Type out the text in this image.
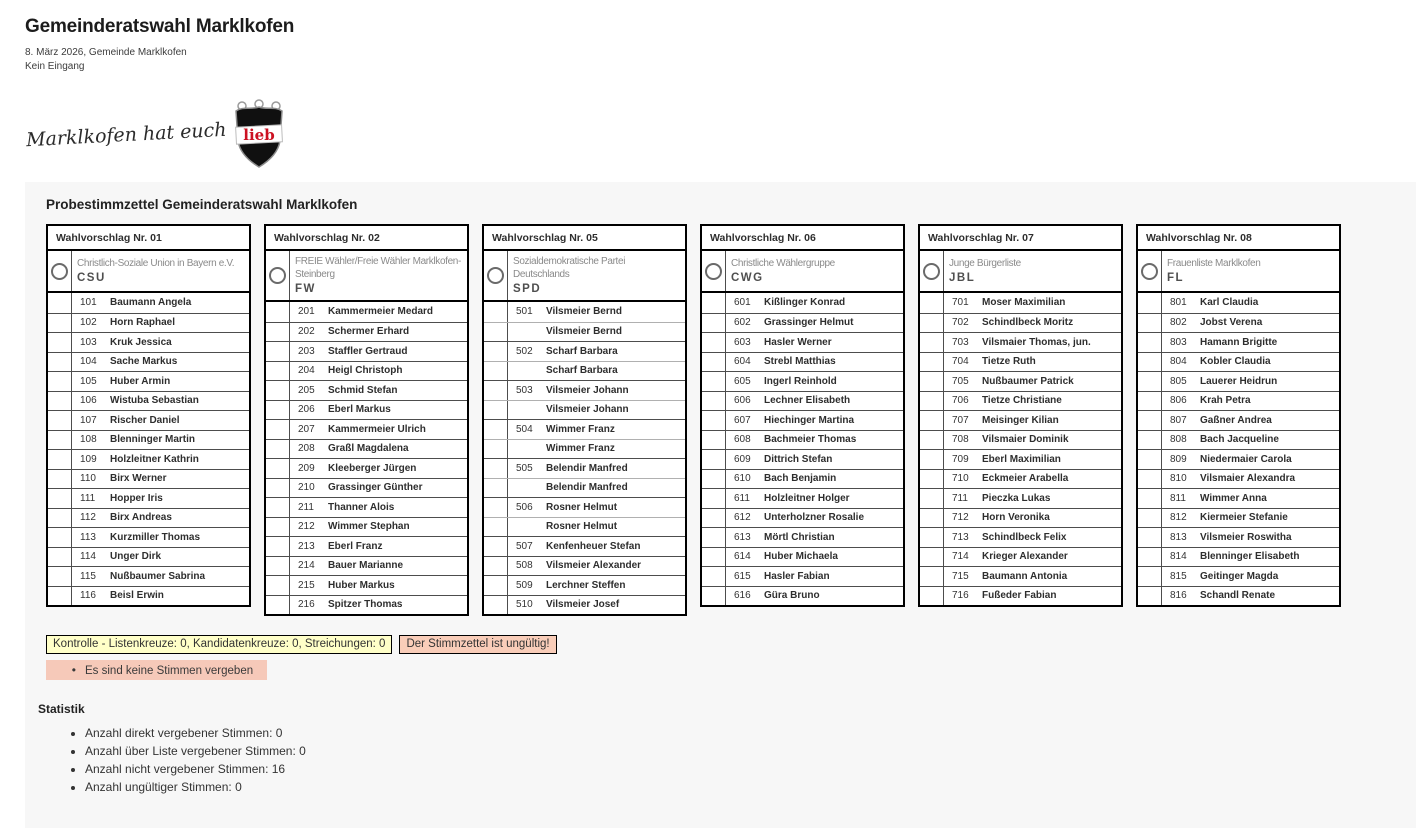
Gemeinderatswahl Marklkofen
8. März 2026, Gemeinde Marklkofen
Kein Eingang
Marklkofen hat euch lieb
Probestimmzettel Gemeinderatswahl Marklkofen
Wahlvorschlag Nr. 01
Christlich-Soziale Union in Bayern e.V.
CSU
101	Baumann Angela
102	Horn Raphael
103	Kruk Jessica
104	Sache Markus
105	Huber Armin
106	Wistuba Sebastian
107	Rischer Daniel
108	Blenninger Martin
109	Holzleitner Kathrin
110	Birx Werner
111	Hopper Iris
112	Birx Andreas
113	Kurzmiller Thomas
114	Unger Dirk
115	Nußbaumer Sabrina
116	Beisl Erwin
Wahlvorschlag Nr. 02
FREIE Wähler/Freie Wähler Marklkofen-Steinberg
FW
201	Kammermeier Medard
202	Schermer Erhard
203	Staffler Gertraud
204	Heigl Christoph
205	Schmid Stefan
206	Eberl Markus
207	Kammermeier Ulrich
208	Graßl Magdalena
209	Kleeberger Jürgen
210	Grassinger Günther
211	Thanner Alois
212	Wimmer Stephan
213	Eberl Franz
214	Bauer Marianne
215	Huber Markus
216	Spitzer Thomas
Wahlvorschlag Nr. 05
Sozialdemokratische Partei Deutschlands
SPD
501	Vilsmeier Bernd
Vilsmeier Bernd
502	Scharf Barbara
Scharf Barbara
503	Vilsmeier Johann
Vilsmeier Johann
504	Wimmer Franz
Wimmer Franz
505	Belendir Manfred
Belendir Manfred
506	Rosner Helmut
Rosner Helmut
507	Kenfenheuer Stefan
508	Vilsmeier Alexander
509	Lerchner Steffen
510	Vilsmeier Josef
Wahlvorschlag Nr. 06
Christliche Wählergruppe
CWG
601	Kißlinger Konrad
602	Grassinger Helmut
603	Hasler Werner
604	Strebl Matthias
605	Ingerl Reinhold
606	Lechner Elisabeth
607	Hiechinger Martina
608	Bachmeier Thomas
609	Dittrich Stefan
610	Bach Benjamin
611	Holzleitner Holger
612	Unterholzner Rosalie
613	Mörtl Christian
614	Huber Michaela
615	Hasler Fabian
616	Güra Bruno
Wahlvorschlag Nr. 07
Junge Bürgerliste
JBL
701	Moser Maximilian
702	Schindlbeck Moritz
703	Vilsmaier Thomas, jun.
704	Tietze Ruth
705	Nußbaumer Patrick
706	Tietze Christiane
707	Meisinger Kilian
708	Vilsmaier Dominik
709	Eberl Maximilian
710	Eckmeier Arabella
711	Pieczka Lukas
712	Horn Veronika
713	Schindlbeck Felix
714	Krieger Alexander
715	Baumann Antonia
716	Fußeder Fabian
Wahlvorschlag Nr. 08
Frauenliste Marklkofen
FL
801	Karl Claudia
802	Jobst Verena
803	Hamann Brigitte
804	Kobler Claudia
805	Lauerer Heidrun
806	Krah Petra
807	Gaßner Andrea
808	Bach Jacqueline
809	Niedermaier Carola
810	Vilsmaier Alexandra
811	Wimmer Anna
812	Kiermeier Stefanie
813	Vilsmeier Roswitha
814	Blenninger Elisabeth
815	Geitinger Magda
816	Schandl Renate
Kontrolle - Listenkreuze: 0, Kandidatenkreuze: 0, Streichungen: 0	Der Stimmzettel ist ungültig!
• Es sind keine Stimmen vergeben
Statistik
• Anzahl direkt vergebener Stimmen: 0
• Anzahl über Liste vergebener Stimmen: 0
• Anzahl nicht vergebener Stimmen: 16
• Anzahl ungültiger Stimmen: 0
